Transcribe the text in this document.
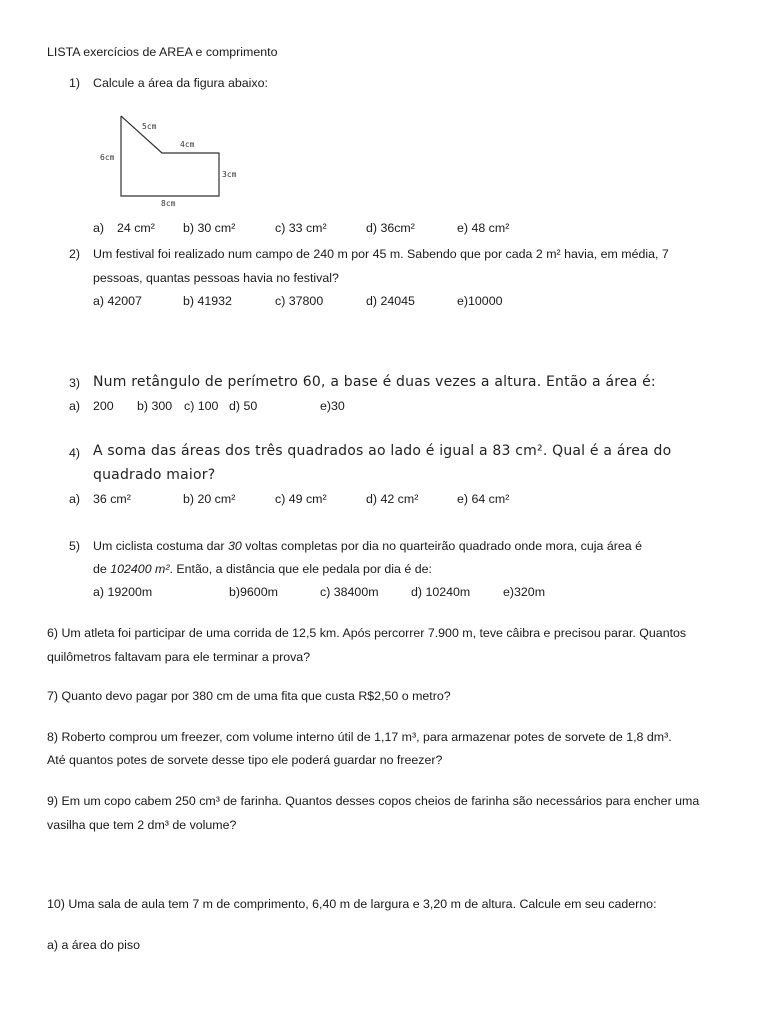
LISTA exercícios de AREA e comprimento
1) Calcule a área da figura abaixo:
5cm
4cm
6cm
3cm
8cm
a) 24 cm² b) 30 cm²	c) 33 cm²	d) 36cm²	e) 48 cm²
2) Um festival foi realizado num campo de 240 m por 45 m. Sabendo que por cada 2 m² havia, em média, 7
pessoas, quantas pessoas havia no festival?
a) 42007	b) 41932	c) 37800	d) 24045	e)10000
3) Num retângulo de perímetro 60, a base é duas vezes a altura. Então a área é:
a) 200 b) 300 c) 100 d) 50	e)30
4) A soma das áreas dos três quadrados ao lado é igual a 83 cm². Qual é a área do
quadrado maior?
a) 36 cm²	b) 20 cm²	c) 49 cm²	d) 42 cm²	e) 64 cm²
5) Um ciclista costuma dar 30 voltas completas por dia no quarteirão quadrado onde mora, cuja área é
de 102400 m². Então, a distância que ele pedala por dia é de:
a) 19200m	b)9600m	c) 38400m	d) 10240m	e)320m
6) Um atleta foi participar de uma corrida de 12,5 km. Após percorrer 7.900 m, teve câibra e precisou parar. Quantos
quilômetros faltavam para ele terminar a prova?
7) Quanto devo pagar por 380 cm de uma fita que custa R$2,50 o metro?
8) Roberto comprou um freezer, com volume interno útil de 1,17 m³, para armazenar potes de sorvete de 1,8 dm³.
Até quantos potes de sorvete desse tipo ele poderá guardar no freezer?
9) Em um copo cabem 250 cm³ de farinha. Quantos desses copos cheios de farinha são necessários para encher uma
vasilha que tem 2 dm³ de volume?
10) Uma sala de aula tem 7 m de comprimento, 6,40 m de largura e 3,20 m de altura. Calcule em seu caderno:
a) a área do piso
